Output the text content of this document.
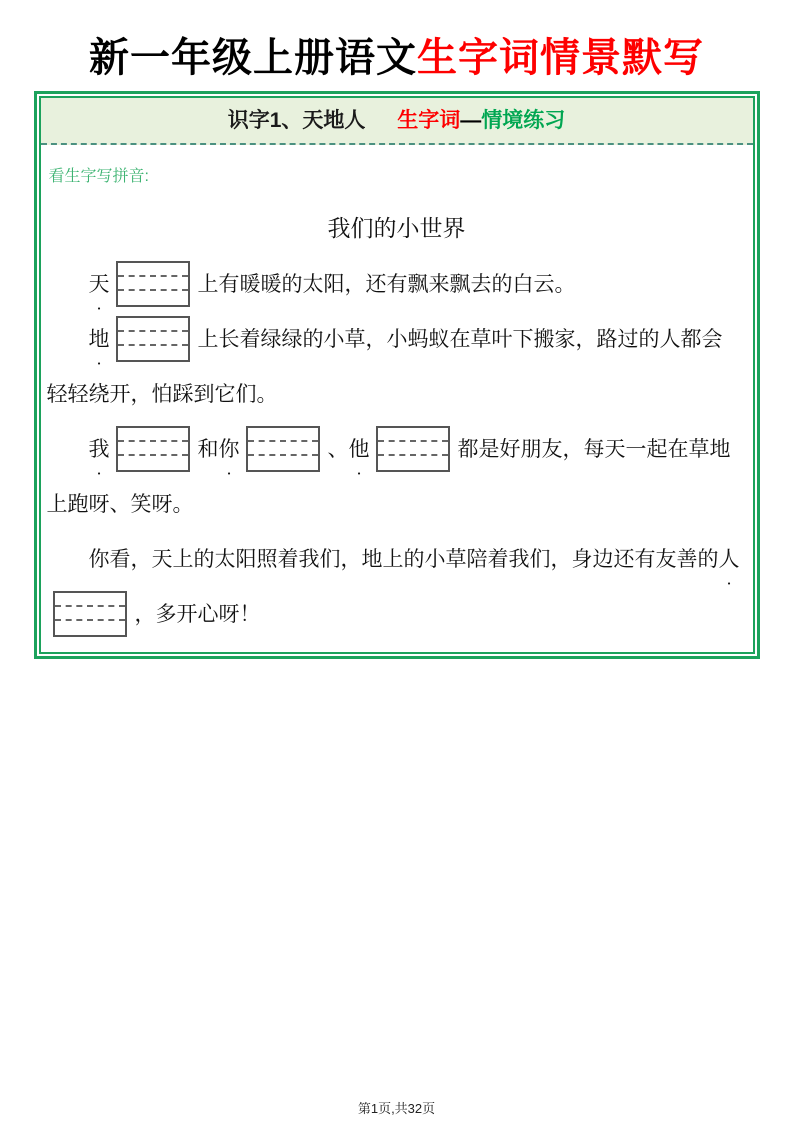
新一年级上册语文生字词情景默写
识字1、天地人 生字词—情境练习
看生字写拼音:
我们的小世界
天
·
上有暖暖的太阳，还有飘来飘去的白云。
地
·
上长着绿绿的小草，小蚂蚁在草叶下搬家，路过的人都会
轻轻绕开，怕踩到它们。
我
·
和你
·
、他
·
都是好朋友，每天一起在草地
上跑呀、笑呀。
你看，天上的太阳照着我们，地上的小草陪着我们，身边还有友善的人
·
，多开心呀！
第1页,共32页
